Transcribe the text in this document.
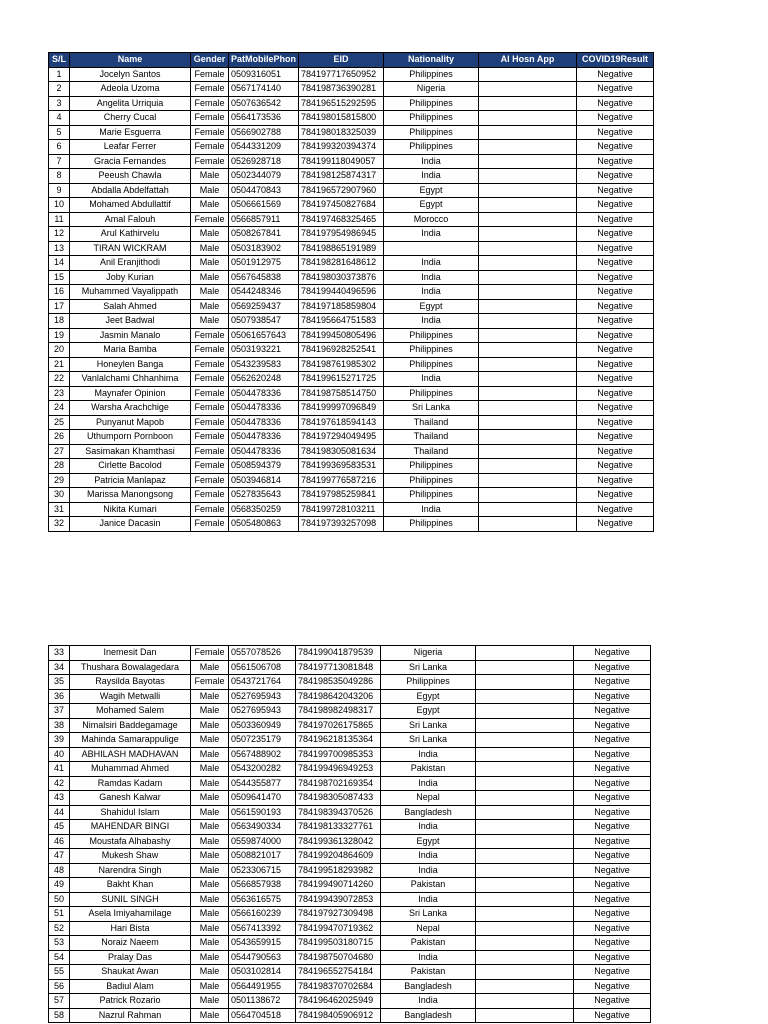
S/L	Name	Gender	PatMobilePhon	EID	Nationality	Al Hosn App	COVID19Result
1	Jocelyn Santos	Female	0509316051	784197717650952	Philippines		Negative
2	Adeola Uzoma	Female	0567174140	784198736390281	Nigeria		Negative
3	Angelita Urriquia	Female	0507636542	784196515292595	Philippines		Negative
4	Cherry Cucal	Female	0564173536	784198015815800	Philippines		Negative
5	Marie Esguerra	Female	0566902788	784198018325039	Philippines		Negative
6	Leafar Ferrer	Female	0544331209	784199320394374	Philippines		Negative
7	Gracia Fernandes	Female	0526928718	784199118049057	India		Negative
8	Peeush Chawla	Male	0502344079	784198125874317	India		Negative
9	Abdalla Abdelfattah	Male	0504470843	784196572907960	Egypt		Negative
10	Mohamed Abdullattif	Male	0506661569	784197450827684	Egypt		Negative
11	Amal Falouh	Female	0566857911	784197468325465	Morocco		Negative
12	Arul Kathirvelu	Male	0508267841	784197954986945	India		Negative
13	TIRAN WICKRAM	Male	0503183902	784198865191989			Negative
14	Anil Eranjithodi	Male	0501912975	784198281648612	India		Negative
15	Joby Kurian	Male	0567645838	784198030373876	India		Negative
16	Muhammed Vayalippath	Male	0544248346	784199440496596	India		Negative
17	Salah Ahmed	Male	0569259437	784197185859804	Egypt		Negative
18	Jeet Badwal	Male	0507938547	784195664751583	India		Negative
19	Jasmin Manalo	Female	05061657643	784199450805496	Philippines		Negative
20	Maria Bamba	Female	0503193221	784196928252541	Philippines		Negative
21	Honeylen Banga	Female	0543239583	784198761985302	Philippines		Negative
22	Vanlalchami Chhanhima	Female	0562620248	784199615271725	India		Negative
23	Maynafer Opinion	Female	0504478336	784198758514750	Philippines		Negative
24	Warsha Arachchige	Female	0504478336	784199997096849	Sri Lanka		Negative
25	Punyanut Mapob	Female	0504478336	784197618594143	Thailand		Negative
26	Uthumporn Pornboon	Female	0504478336	784197294049495	Thailand		Negative
27	Sasimakan Khamthasi	Female	0504478336	784198305081634	Thailand		Negative
28	Cirlette Bacolod	Female	0508594379	784199369583531	Philippines		Negative
29	Patricia Manlapaz	Female	0503946814	784199776587216	Philippines		Negative
30	Marissa Manongsong	Female	0527835643	784197985259841	Philippines		Negative
31	Nikita Kumari	Female	0568350259	784199728103211	India		Negative
32	Janice Dacasin	Female	0505480863	784197393257098	Philippines		Negative
33	Inemesit Dan	Female	0557078526	784199041879539	Nigeria		Negative
34	Thushara Bowalagedara	Male	0561506708	784197713081848	Sri Lanka		Negative
35	Raysilda Bayotas	Female	0543721764	784198535049286	Philippines		Negative
36	Wagih Metwalli	Male	0527695943	784198642043206	Egypt		Negative
37	Mohamed Salem	Male	0527695943	784198982498317	Egypt		Negative
38	Nimalsiri Baddegamage	Male	0503360949	784197026175865	Sri Lanka		Negative
39	Mahinda Samarappulige	Male	0507235179	784196218135364	Sri Lanka		Negative
40	ABHILASH MADHAVAN	Male	0567488902	784199700985353	India		Negative
41	Muhammad Ahmed	Male	0543200282	784199496949253	Pakistan		Negative
42	Ramdas Kadam	Male	0544355877	784198702169354	India		Negative
43	Ganesh Kalwar	Male	0509641470	784198305087433	Nepal		Negative
44	Shahidul Islam	Male	0561590193	784198394370526	Bangladesh		Negative
45	MAHENDAR BINGI	Male	0563490334	784198133327761	India		Negative
46	Moustafa Alhabashy	Male	0559874000	784199361328042	Egypt		Negative
47	Mukesh Shaw	Male	0508821017	784199204864609	India		Negative
48	Narendra Singh	Male	0523306715	784199518293982	India		Negative
49	Bakht Khan	Male	0566857938	784199490714260	Pakistan		Negative
50	SUNIL SINGH	Male	0563616575	784199439072853	India		Negative
51	Asela Imiyahamilage	Male	0566160239	784197927309498	Sri Lanka		Negative
52	Hari Bista	Male	0567413392	784199470719362	Nepal		Negative
53	Noraiz Naeem	Male	0543659915	784199503180715	Pakistan		Negative
54	Pralay Das	Male	0544790563	784198750704680	India		Negative
55	Shaukat Awan	Male	0503102814	784196552754184	Pakistan		Negative
56	Badiul Alam	Male	0564491955	784198370702684	Bangladesh		Negative
57	Patrick Rozario	Male	0501138672	784196462025949	India		Negative
58	Nazrul Rahman	Male	0564704518	784198405906912	Bangladesh		Negative
